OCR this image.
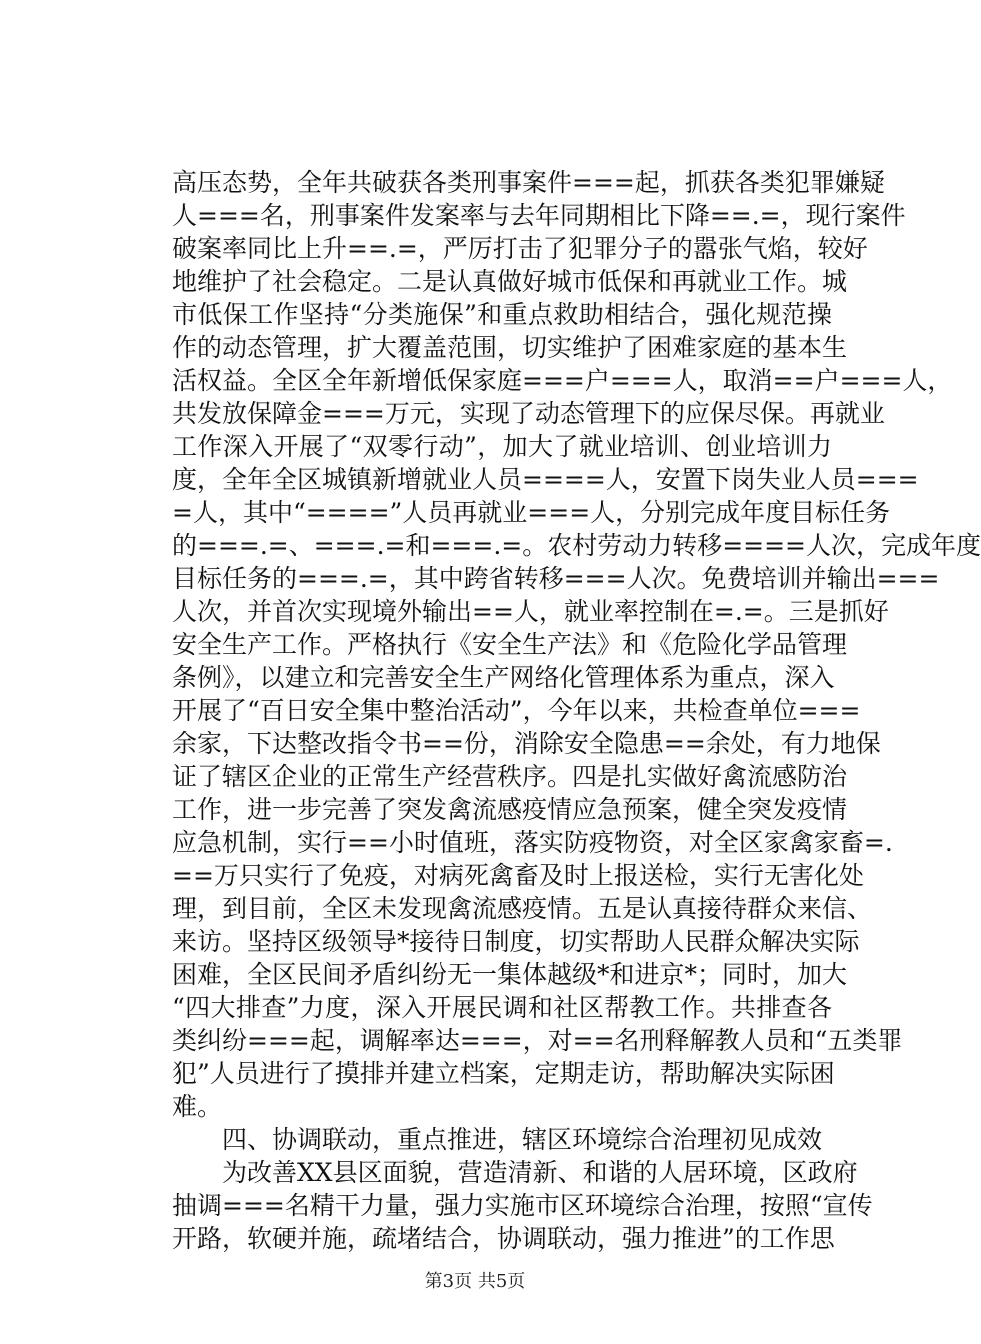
高压态势，全年共破获各类刑事案件===起，抓获各类犯罪嫌疑
人===名，刑事案件发案率与去年同期相比下降==.=，现行案件
破案率同比上升==.=，严厉打击了犯罪分子的嚣张气焰，较好
地维护了社会稳定。二是认真做好城市低保和再就业工作。城
市低保工作坚持“分类施保”和重点救助相结合，强化规范操
作的动态管理，扩大覆盖范围，切实维护了困难家庭的基本生
活权益。全区全年新增低保家庭===户===人，取消==户===人，
共发放保障金===万元，实现了动态管理下的应保尽保。再就业
工作深入开展了“双零行动”，加大了就业培训、创业培训力
度，全年全区城镇新增就业人员====人，安置下岗失业人员===
=人，其中“====”人员再就业===人，分别完成年度目标任务
的===.=、===.=和===.=。农村劳动力转移====人次，完成年度
目标任务的===.=，其中跨省转移===人次。免费培训并输出===
人次，并首次实现境外输出==人，就业率控制在=.=。三是抓好
安全生产工作。严格执行《安全生产法》和《危险化学品管理
条例》，以建立和完善安全生产网络化管理体系为重点，深入
开展了“百日安全集中整治活动”，今年以来，共检查单位===
余家，下达整改指令书==份，消除安全隐患==余处，有力地保
证了辖区企业的正常生产经营秩序。四是扎实做好禽流感防治
工作，进一步完善了突发禽流感疫情应急预案，健全突发疫情
应急机制，实行==小时值班，落实防疫物资，对全区家禽家畜=.
==万只实行了免疫，对病死禽畜及时上报送检，实行无害化处
理，到目前，全区未发现禽流感疫情。五是认真接待群众来信、
来访。坚持区级领导*接待日制度，切实帮助人民群众解决实际
困难，全区民间矛盾纠纷无一集体越级*和进京*；同时，加大
“四大排查”力度，深入开展民调和社区帮教工作。共排查各
类纠纷===起，调解率达===，对==名刑释解教人员和“五类罪
犯”人员进行了摸排并建立档案，定期走访，帮助解决实际困
难。
　　四、协调联动，重点推进，辖区环境综合治理初见成效
　　为改善XX县区面貌，营造清新、和谐的人居环境，区政府
抽调===名精干力量，强力实施市区环境综合治理，按照“宣传
开路，软硬并施，疏堵结合，协调联动，强力推进”的工作思
第3页 共5页
